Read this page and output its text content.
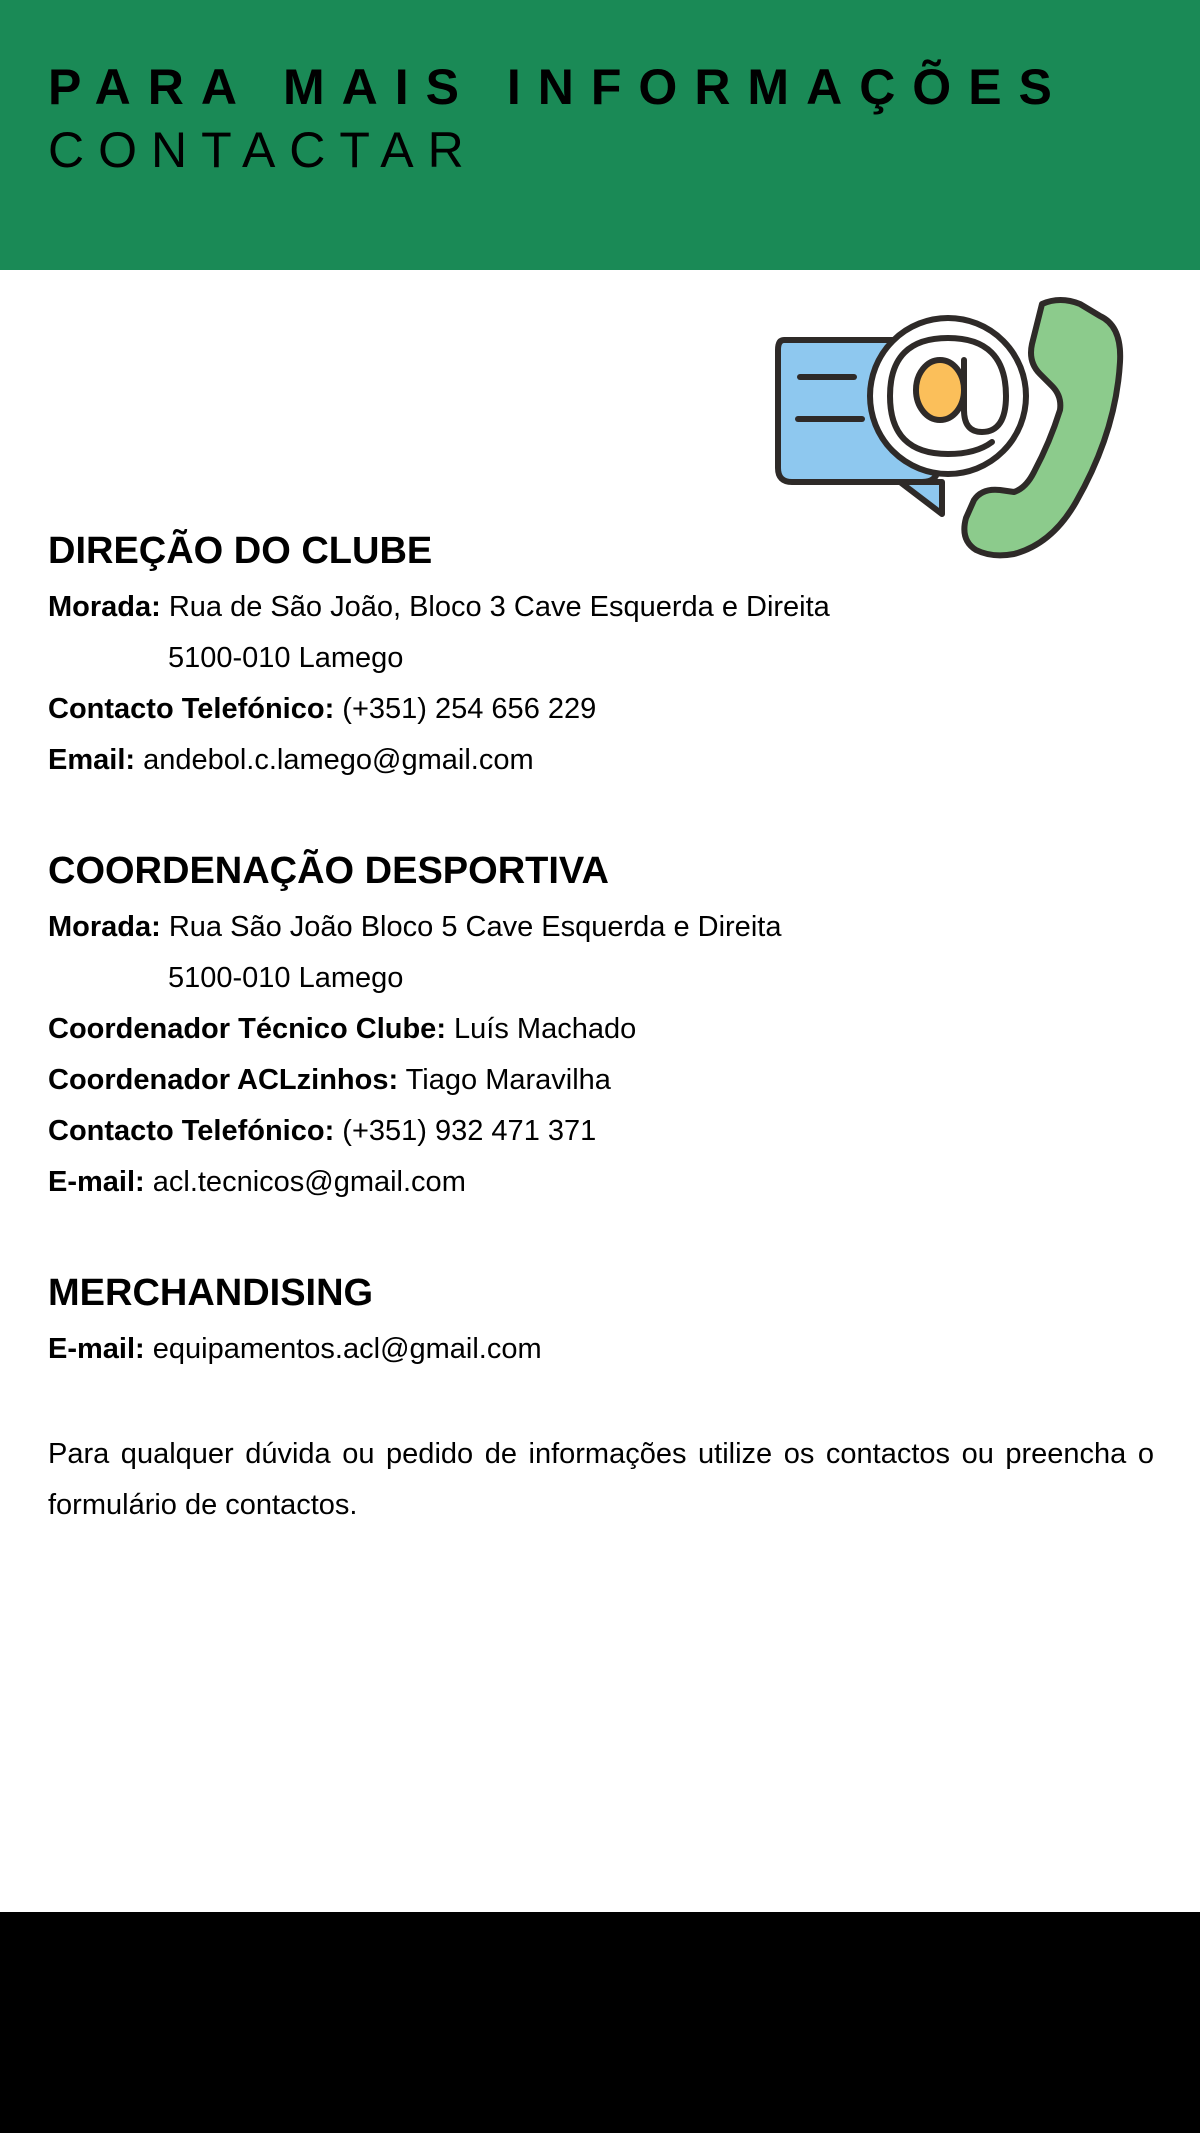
PARA MAIS INFORMAÇÕES
CONTACTAR
DIREÇÃO DO CLUBE
Morada: Rua de São João, Bloco 3 Cave Esquerda e Direita
5100-010 Lamego
Contacto Telefónico: (+351) 254 656 229
Email: andebol.c.lamego@gmail.com
COORDENAÇÃO DESPORTIVA
Morada: Rua São João Bloco 5 Cave Esquerda e Direita
5100-010 Lamego
Coordenador Técnico Clube: Luís Machado
Coordenador ACLzinhos: Tiago Maravilha
Contacto Telefónico: (+351) 932 471 371
E-mail: acl.tecnicos@gmail.com
MERCHANDISING
E-mail: equipamentos.acl@gmail.com
Para qualquer dúvida ou pedido de informações utilize os contactos ou preencha o formulário de contactos.
